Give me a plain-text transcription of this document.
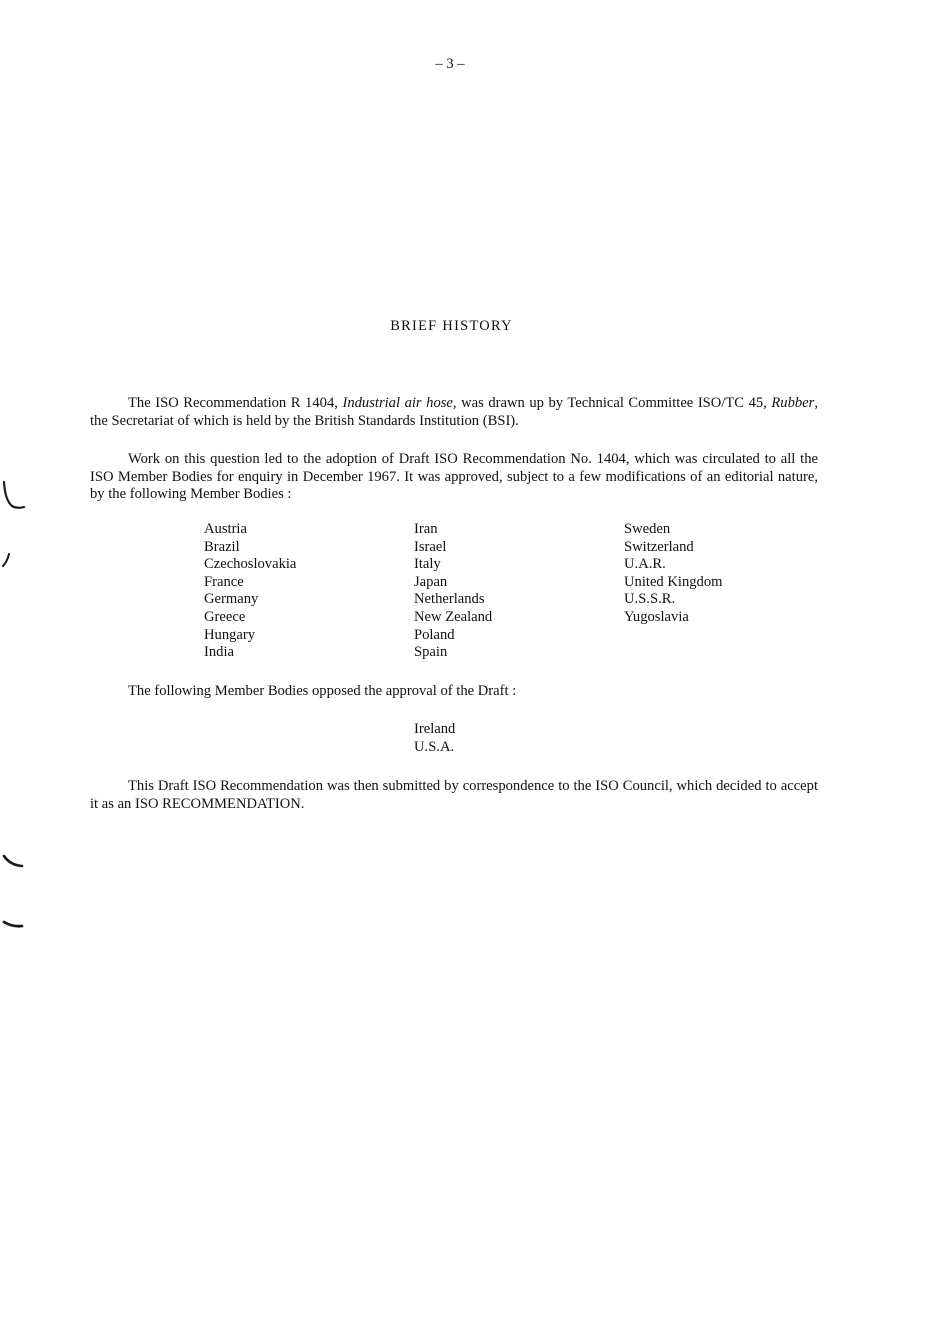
– 3 –
BRIEF HISTORY

The ISO Recommendation R 1404, Industrial air hose, was drawn up by Technical Committee ISO/TC 45, Rubber, the Secretariat of which is held by the British Standards Institution (BSI).

Work on this question led to the adoption of Draft ISO Recommendation No. 1404, which was circulated to all the ISO Member Bodies for enquiry in December 1967. It was approved, subject to a few modifications of an editorial nature, by the following Member Bodies :

Austria
Brazil
Czechoslovakia
France
Germany
Greece
Hungary
India
Iran
Israel
Italy
Japan
Netherlands
New Zealand
Poland
Spain
Sweden
Switzerland
U.A.R.
United Kingdom
U.S.S.R.
Yugoslavia

The following Member Bodies opposed the approval of the Draft :

Ireland
U.S.A.

This Draft ISO Recommendation was then submitted by correspondence to the ISO Council, which decided to accept it as an ISO RECOMMENDATION.
